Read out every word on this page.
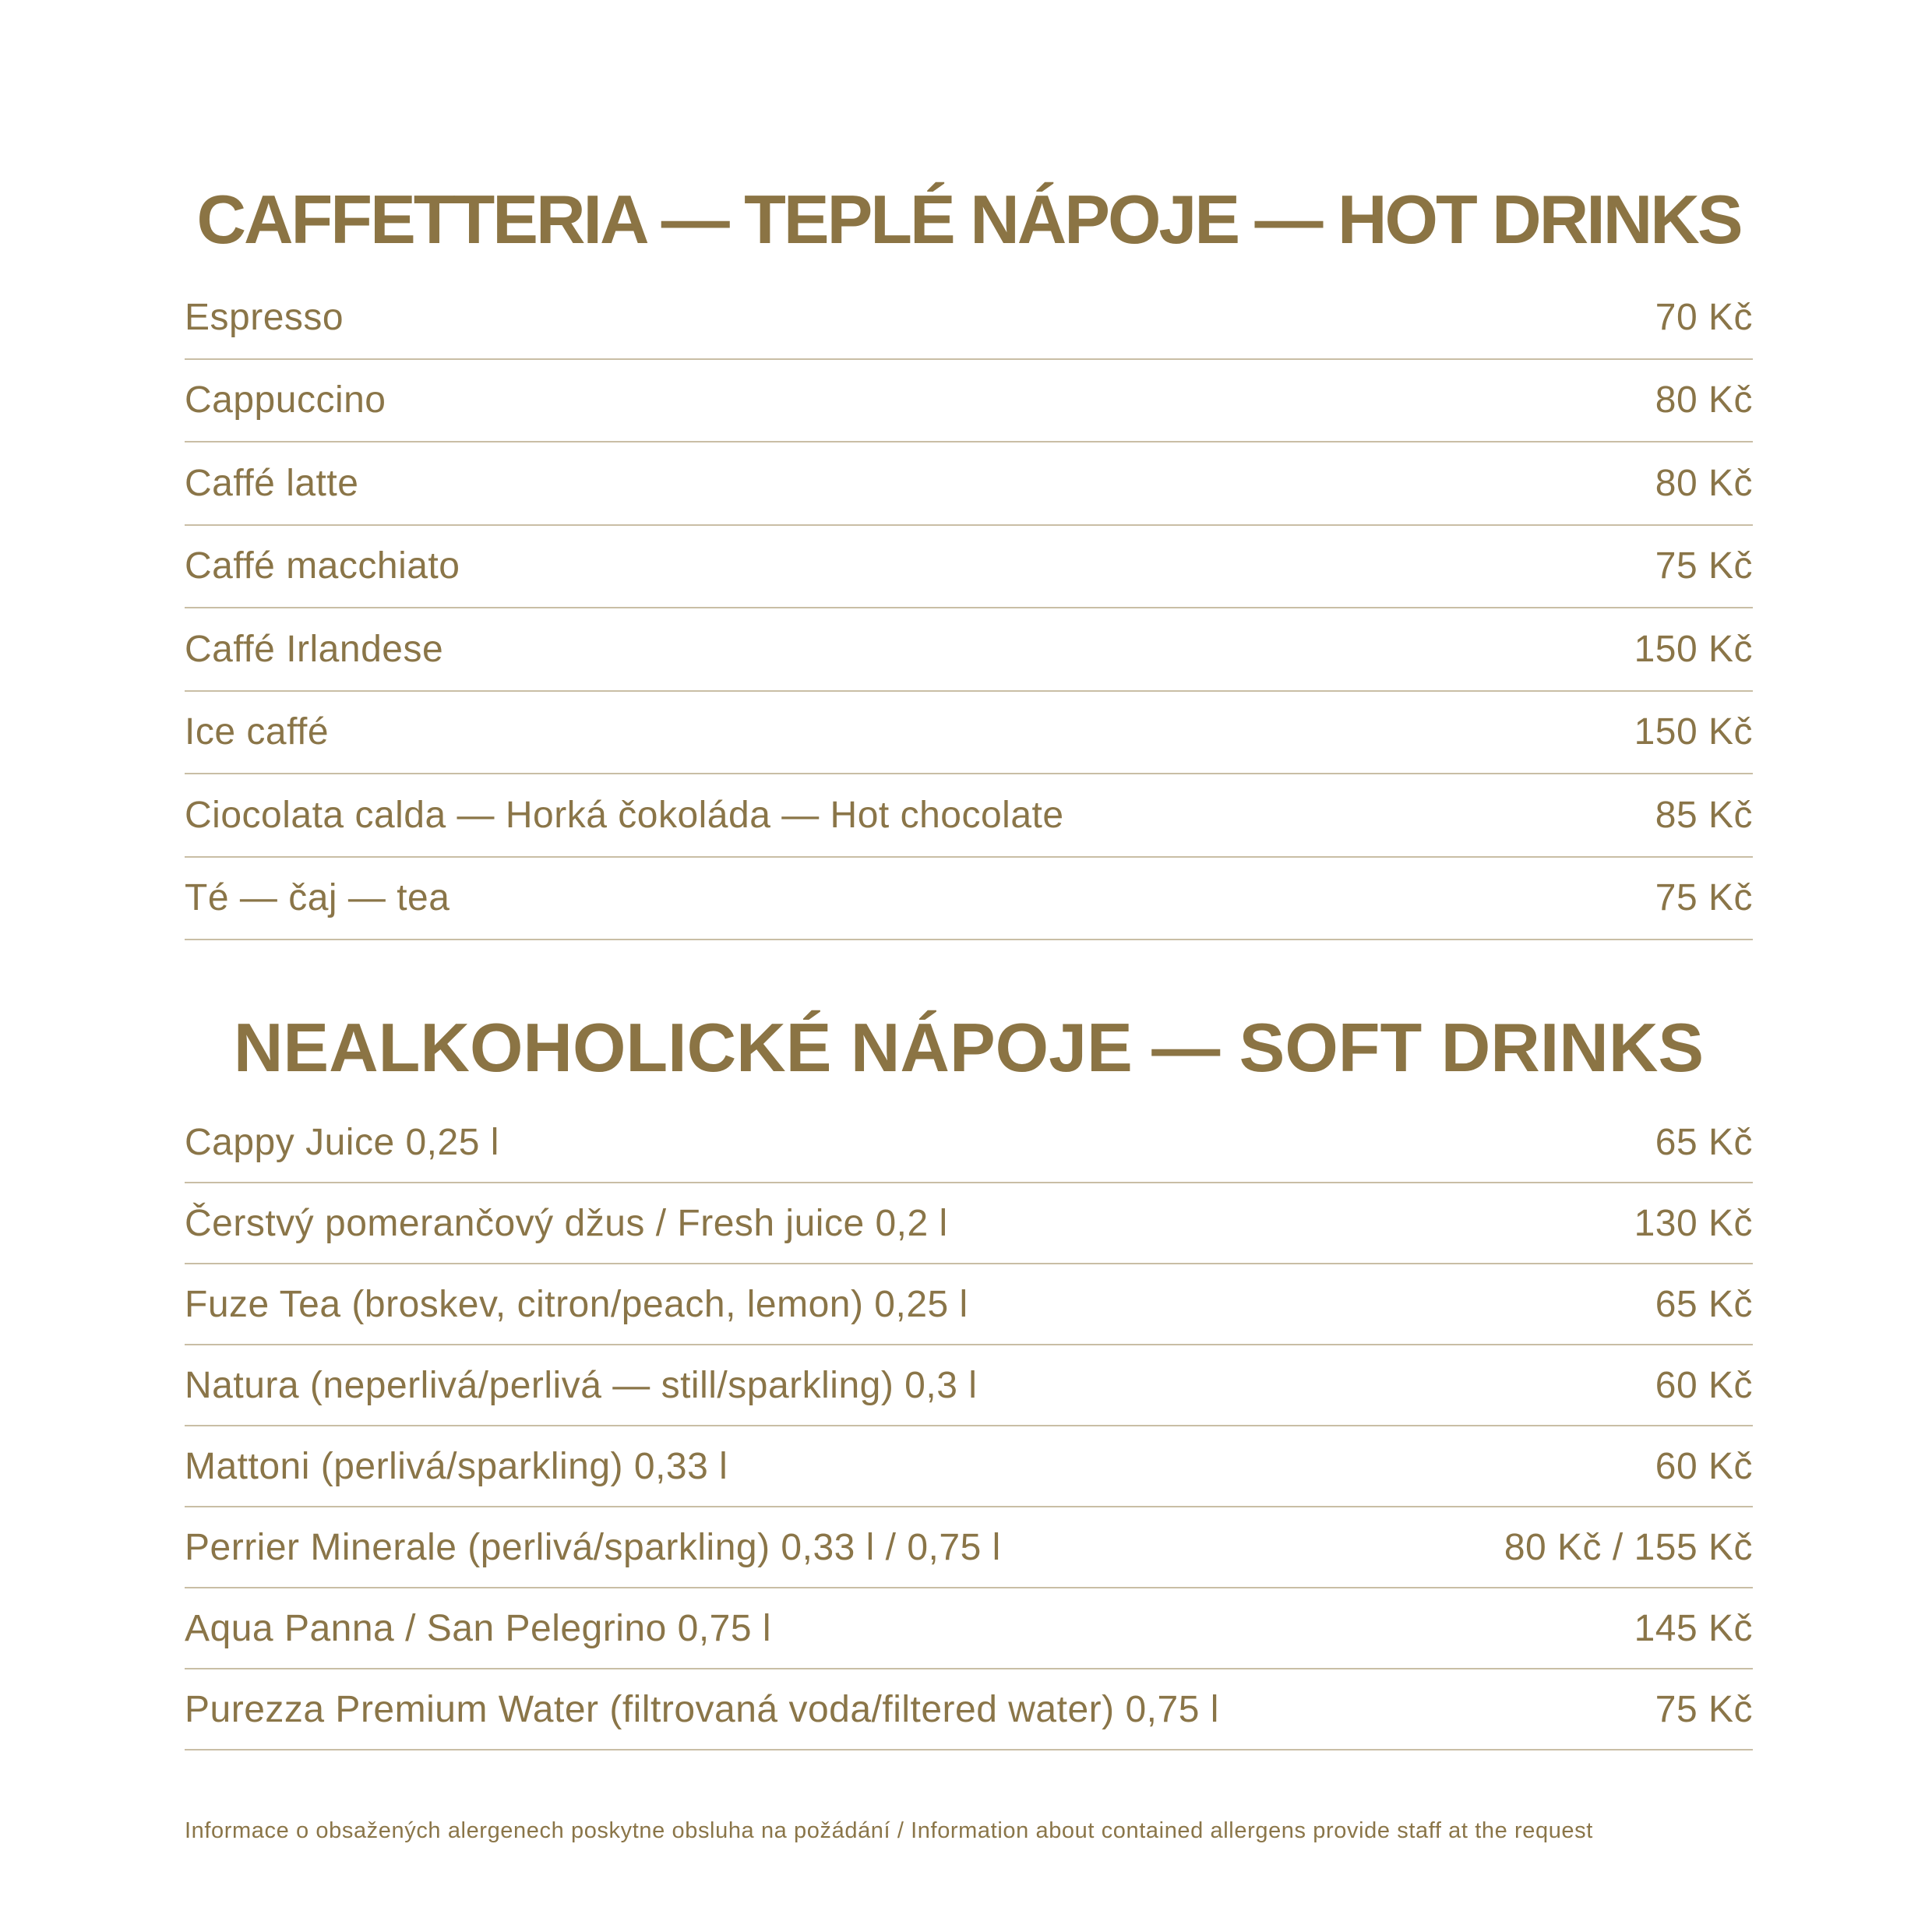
CAFFETTERIA — TEPLÉ NÁPOJE — HOT DRINKS
Espresso	70 Kč
Cappuccino	80 Kč
Caffé latte	80 Kč
Caffé macchiato	75 Kč
Caffé Irlandese	150 Kč
Ice caffé	150 Kč
Ciocolata calda — Horká čokoláda — Hot chocolate	85 Kč
Té — čaj — tea	75 Kč
NEALKOHOLICKÉ NÁPOJE — SOFT DRINKS
Cappy Juice 0,25 l	65 Kč
Čerstvý pomerančový džus / Fresh juice 0,2 l	130 Kč
Fuze Tea (broskev, citron/peach, lemon) 0,25 l	65 Kč
Natura (neperlivá/perlivá — still/sparkling) 0,3 l	60 Kč
Mattoni (perlivá/sparkling) 0,33 l	60 Kč
Perrier Minerale (perlivá/sparkling) 0,33 l / 0,75 l	80 Kč / 155 Kč
Aqua Panna / San Pelegrino 0,75 l	145 Kč
Purezza Premium Water (filtrovaná voda/filtered water) 0,75 l	75 Kč

Informace o obsažených alergenech poskytne obsluha na požádání / Information about contained allergens provide staff at the request
